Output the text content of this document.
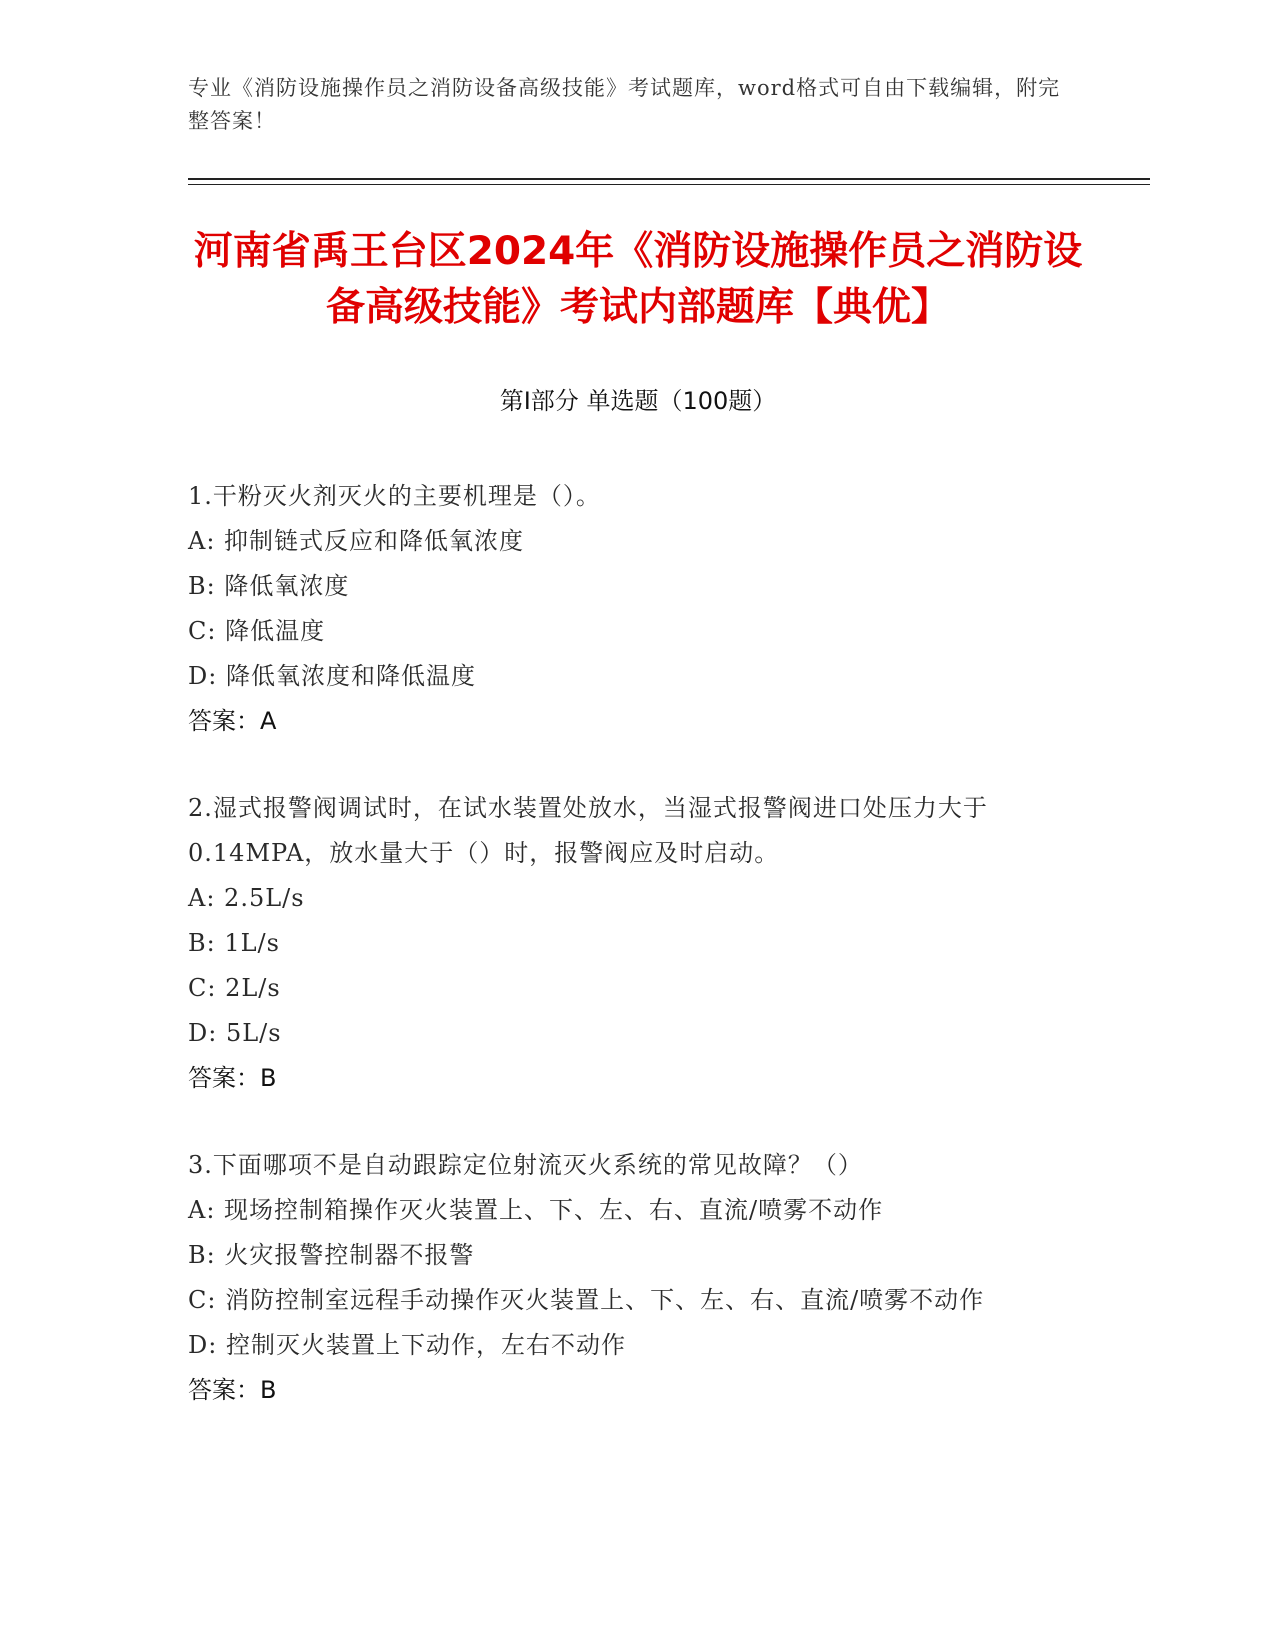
专业《消防设施操作员之消防设备高级技能》考试题库，word格式可自由下载编辑，附完整答案！
河南省禹王台区2024年《消防设施操作员之消防设备高级技能》考试内部题库【典优】
第I部分 单选题（100题）
1.干粉灭火剂灭火的主要机理是（）。
A: 抑制链式反应和降低氧浓度
B: 降低氧浓度
C: 降低温度
D: 降低氧浓度和降低温度
答案：A
2.湿式报警阀调试时，在试水装置处放水，当湿式报警阀进口处压力大于0.14MPA，放水量大于（）时，报警阀应及时启动。
A: 2.5L/s
B: 1L/s
C: 2L/s
D: 5L/s
答案：B
3.下面哪项不是自动跟踪定位射流灭火系统的常见故障？（）
A: 现场控制箱操作灭火装置上、下、左、右、直流/喷雾不动作
B: 火灾报警控制器不报警
C: 消防控制室远程手动操作灭火装置上、下、左、右、直流/喷雾不动作
D: 控制灭火装置上下动作，左右不动作
答案：B
